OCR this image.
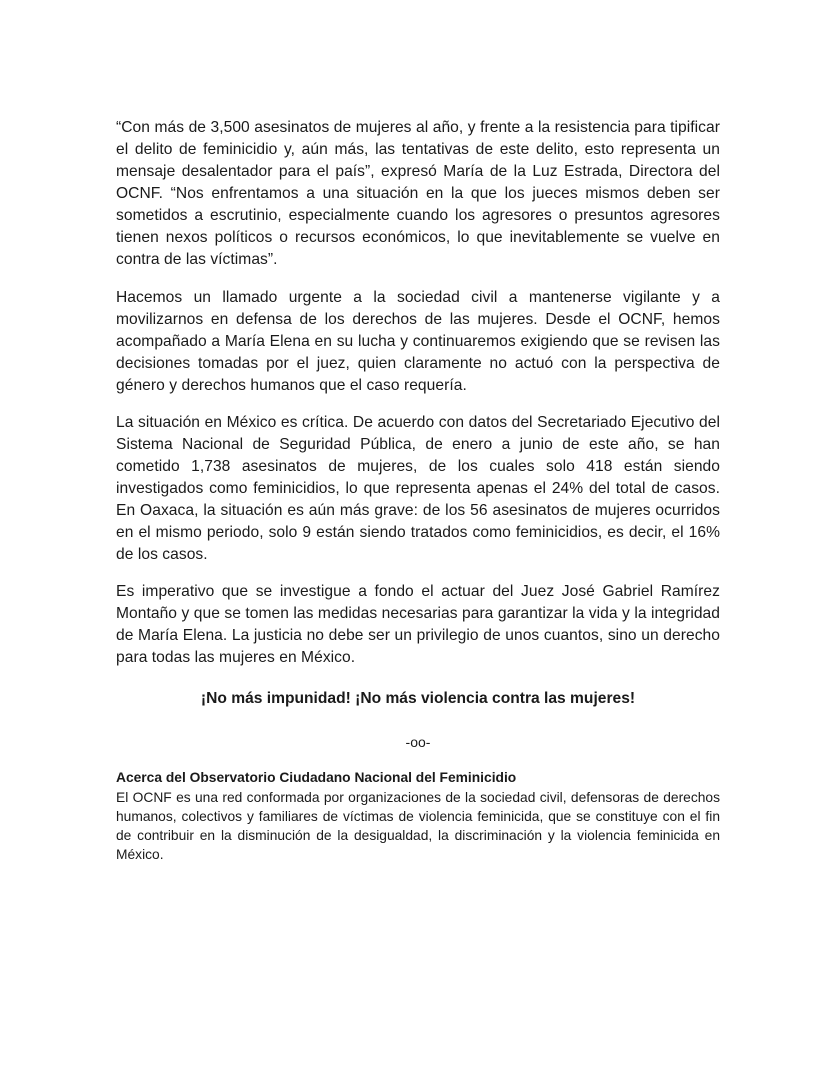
“Con más de 3,500 asesinatos de mujeres al año, y frente a la resistencia para tipificar el delito de feminicidio y, aún más, las tentativas de este delito, esto representa un mensaje desalentador para el país”, expresó María de la Luz Estrada, Directora del OCNF. “Nos enfrentamos a una situación en la que los jueces mismos deben ser sometidos a escrutinio, especialmente cuando los agresores o presuntos agresores tienen nexos políticos o recursos económicos, lo que inevitablemente se vuelve en contra de las víctimas”.

Hacemos un llamado urgente a la sociedad civil a mantenerse vigilante y a movilizarnos en defensa de los derechos de las mujeres. Desde el OCNF, hemos acompañado a María Elena en su lucha y continuaremos exigiendo que se revisen las decisiones tomadas por el juez, quien claramente no actuó con la perspectiva de género y derechos humanos que el caso requería.

La situación en México es crítica. De acuerdo con datos del Secretariado Ejecutivo del Sistema Nacional de Seguridad Pública, de enero a junio de este año, se han cometido 1,738 asesinatos de mujeres, de los cuales solo 418 están siendo investigados como feminicidios, lo que representa apenas el 24% del total de casos. En Oaxaca, la situación es aún más grave: de los 56 asesinatos de mujeres ocurridos en el mismo periodo, solo 9 están siendo tratados como feminicidios, es decir, el 16% de los casos.

Es imperativo que se investigue a fondo el actuar del Juez José Gabriel Ramírez Montaño y que se tomen las medidas necesarias para garantizar la vida y la integridad de María Elena. La justicia no debe ser un privilegio de unos cuantos, sino un derecho para todas las mujeres en México.

¡No más impunidad! ¡No más violencia contra las mujeres!

-oo-

Acerca del Observatorio Ciudadano Nacional del Feminicidio

El OCNF es una red conformada por organizaciones de la sociedad civil, defensoras de derechos humanos, colectivos y familiares de víctimas de violencia feminicida, que se constituye con el fin de contribuir en la disminución de la desigualdad, la discriminación y la violencia feminicida en México.
